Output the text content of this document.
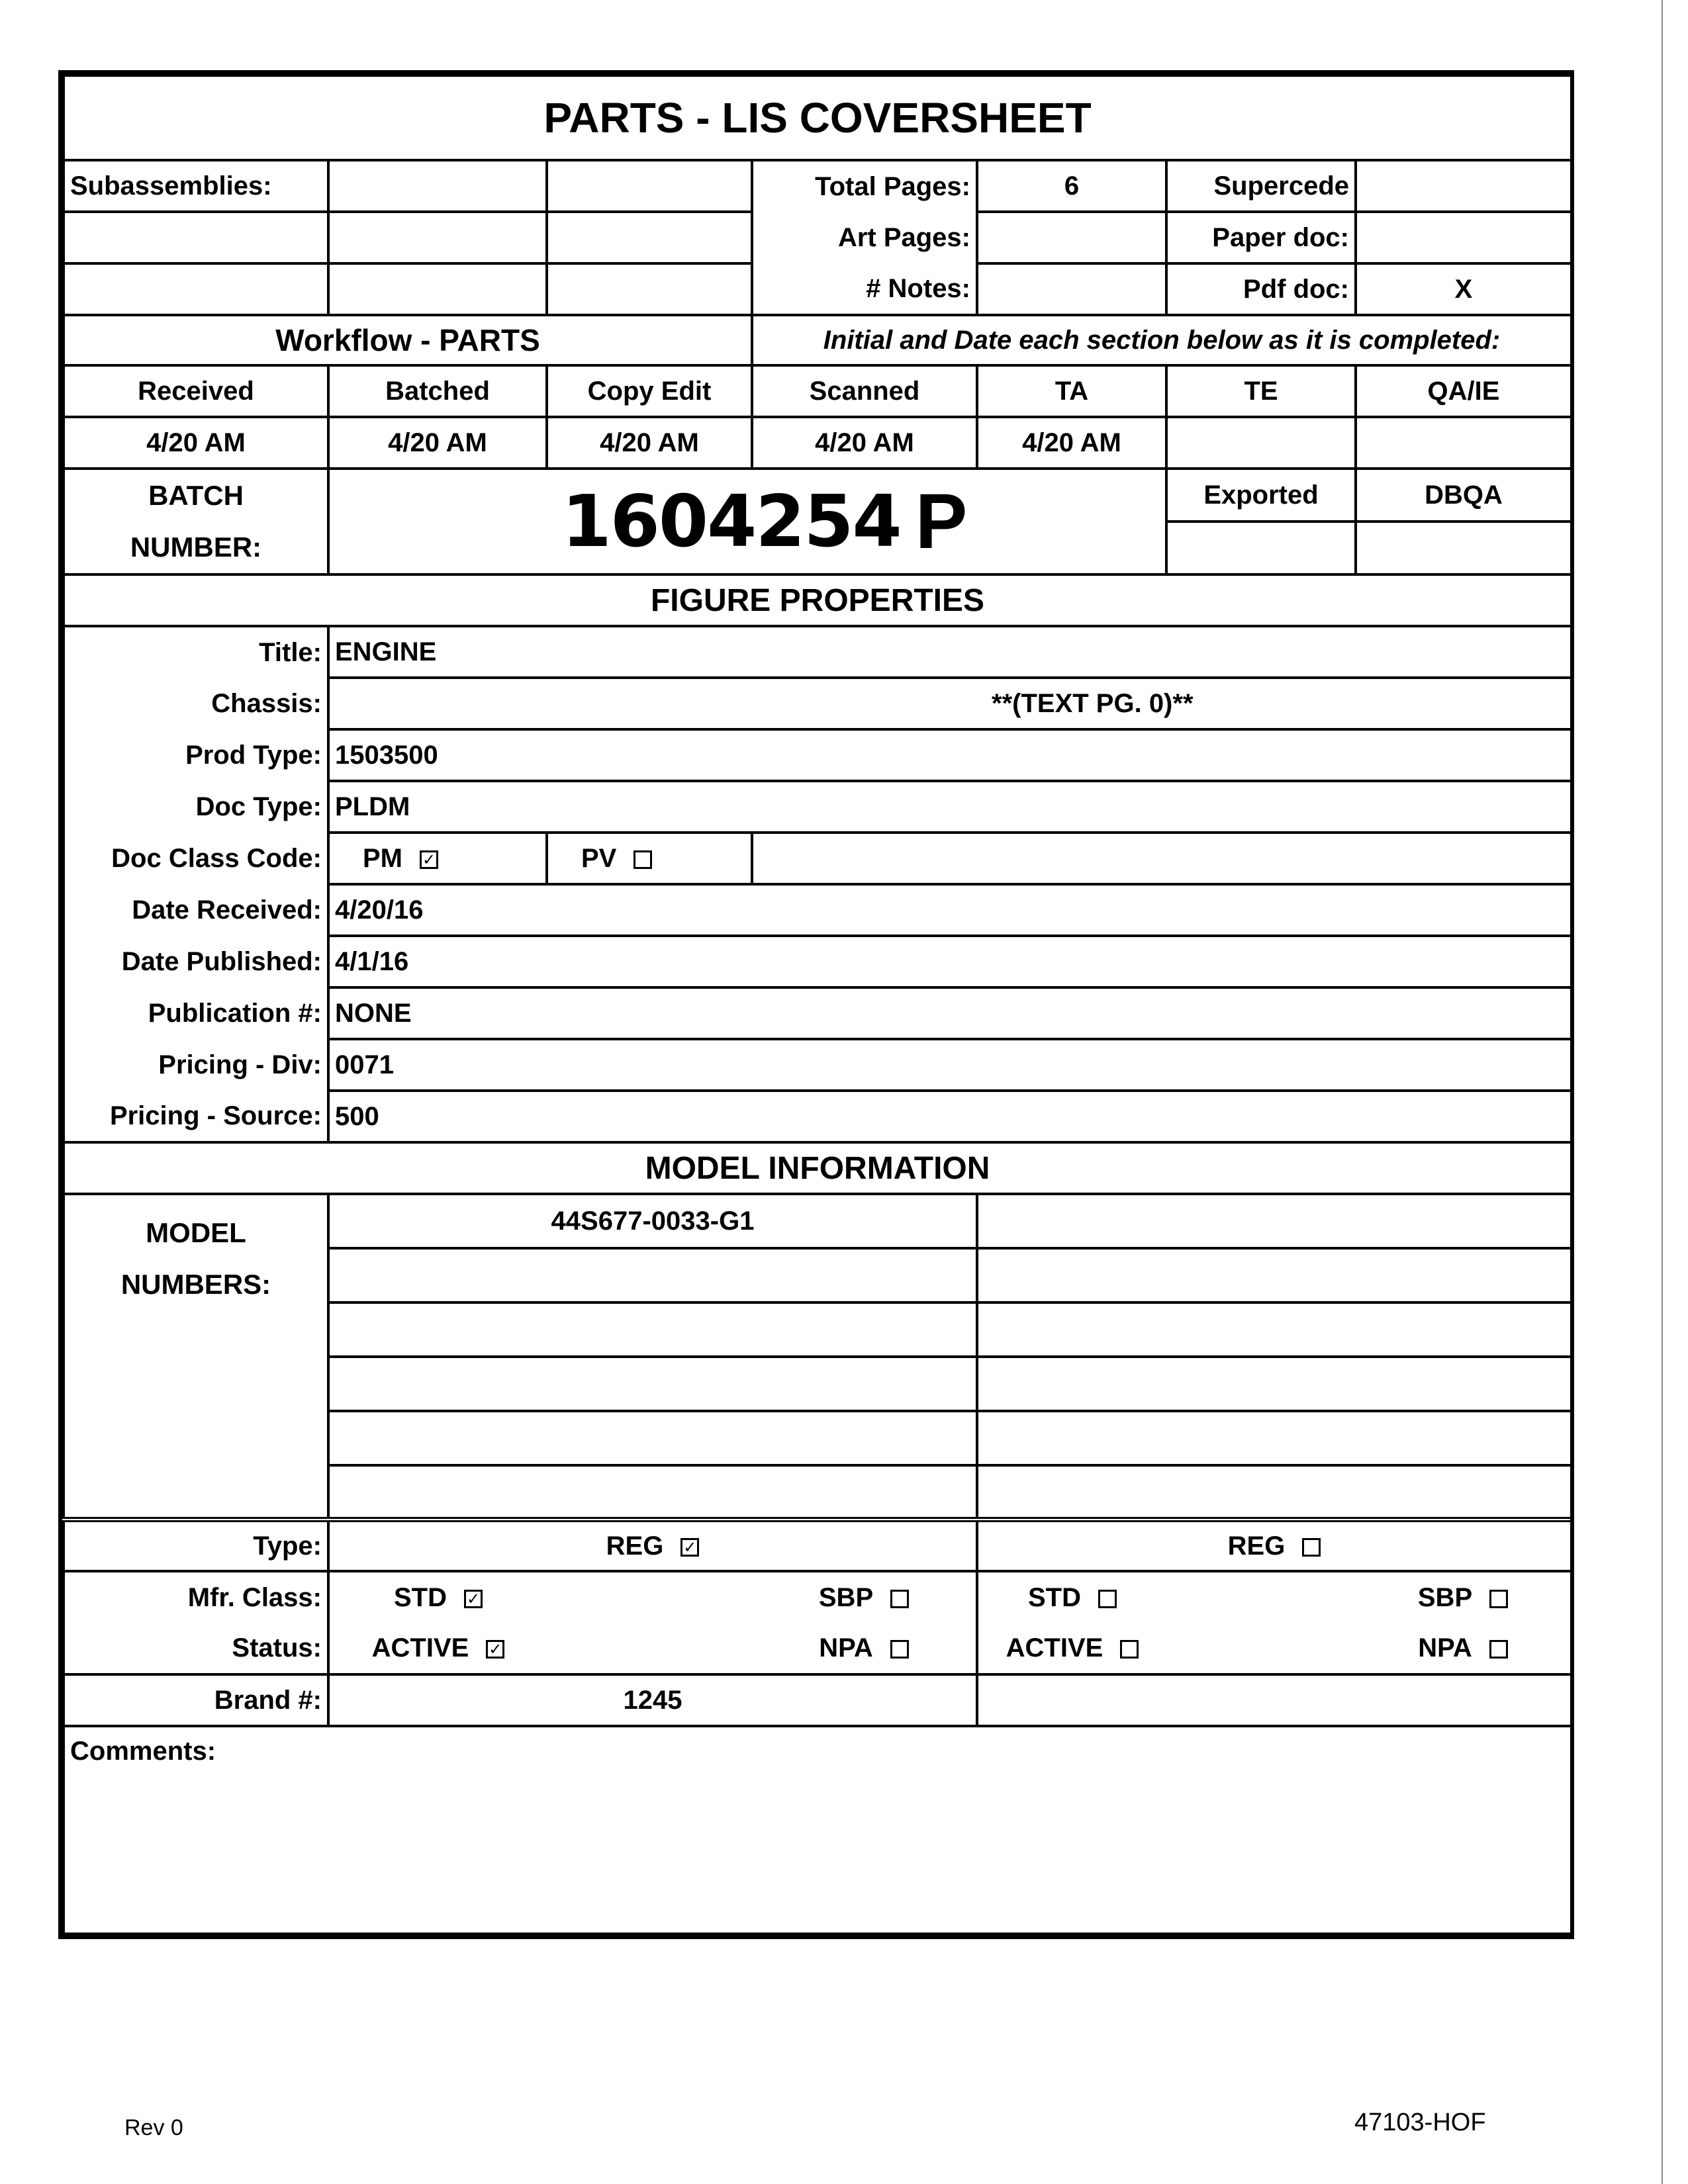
PARTS - LIS COVERSHEET						
Subassemblies:			Total Pages:	6	Supercede	
			Art Pages:		Paper doc:	
			# Notes:		Pdf doc:	X
Workflow - PARTS			Initial and Date each section below as it is completed:			
Received	Batched	Copy Edit	Scanned	TA	TE	QA/IE
4/20 AM	4/20 AM	4/20 AM	4/20 AM	4/20 AM		

BATCH
NUMBER:	1604254 P				Exported	DBQA

FIGURE PROPERTIES						
Title:	ENGINE					
Chassis:	**(TEXT PG. 0)**					
Prod Type:	1503500					
Doc Type:	PLDM					
Doc Class Code:	PM ✓	PV				
Date Received:	4/20/16					
Date Published:	4/1/16					
Publication #:	NONE					
Pricing - Div:	0071					
Pricing - Source:	500					
MODEL INFORMATION						

MODEL
NUMBERS:	44S677-0033-G1					

Type:	REG ✓			REG		
Mfr. Class:	STD ✓		SBP	STD		SBP
Status:	ACTIVE ✓		NPA	ACTIVE		NPA
Brand #:	1245					
Comments:						
Rev 0	47103-HOF
